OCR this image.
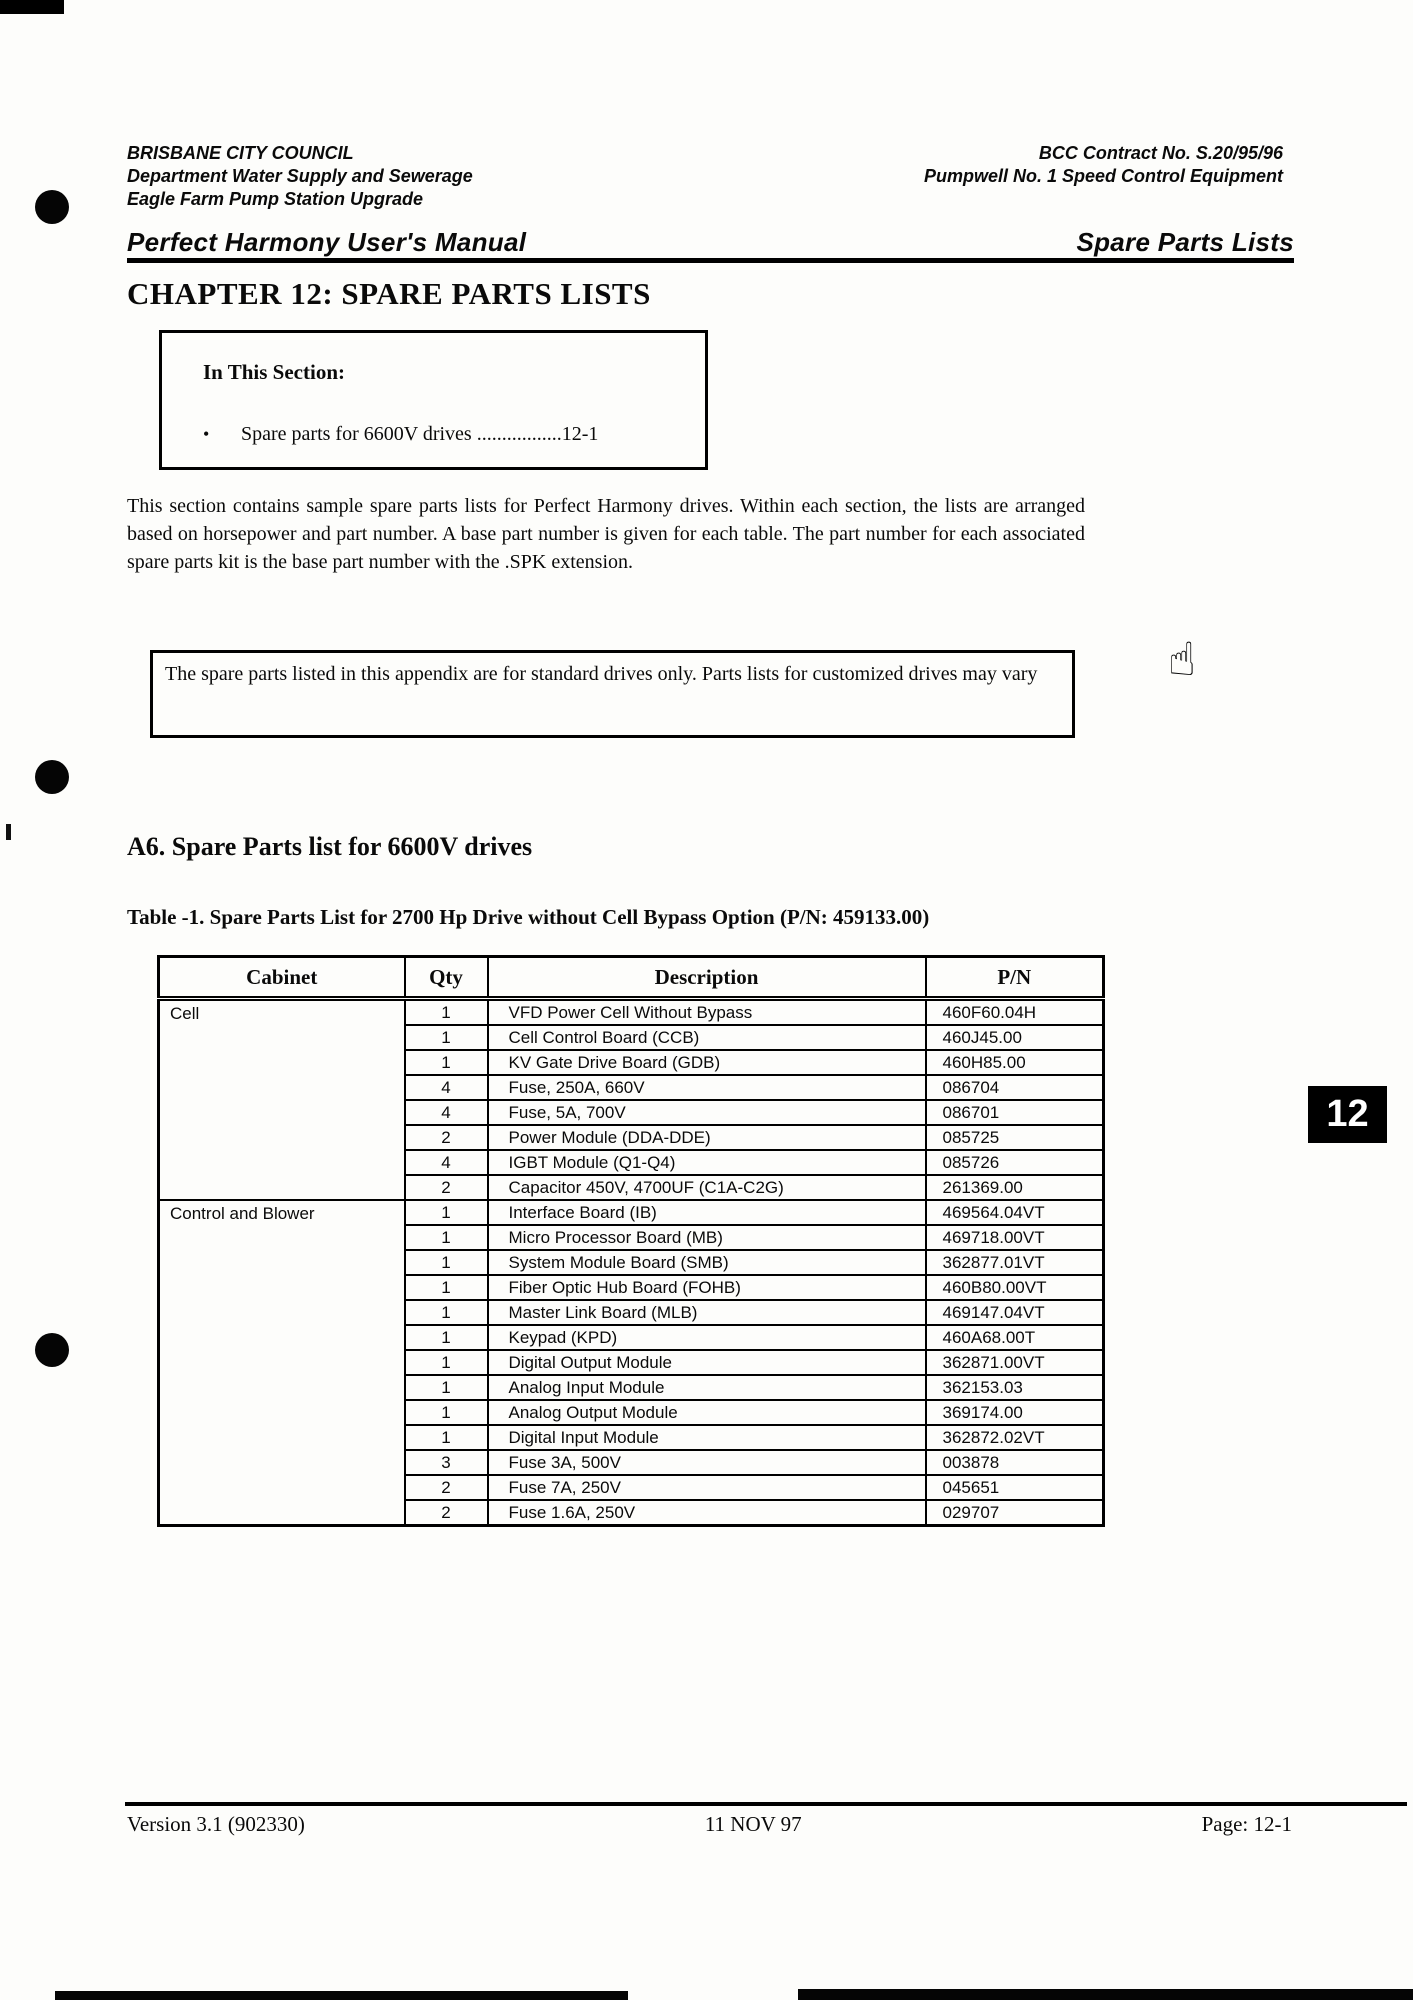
BRISBANE CITY COUNCIL
Department Water Supply and Sewerage
Eagle Farm Pump Station Upgrade
BCC Contract No. S.20/95/96
Pumpwell No. 1 Speed Control Equipment
Perfect Harmony User's Manual	Spare Parts Lists
CHAPTER 12: SPARE PARTS LISTS
In This Section:
• Spare parts for 6600V drives .................12-1
This section contains sample spare parts lists for Perfect Harmony drives. Within each section, the lists are arranged based on horsepower and part number. A base part number is given for each table. The part number for each associated spare parts kit is the base part number with the .SPK extension.
The spare parts listed in this appendix are for standard drives only. Parts lists for customized drives may vary	☝
A6. Spare Parts list for 6600V drives
Table -1. Spare Parts List for 2700 Hp Drive without Cell Bypass Option (P/N: 459133.00)
Cabinet	Qty	Description	P/N
Cell	1	VFD Power Cell Without Bypass	460F60.04H
	1	Cell Control Board (CCB)	460J45.00
	1	KV Gate Drive Board (GDB)	460H85.00
	4	Fuse, 250A, 660V	086704
	4	Fuse, 5A, 700V	086701
	2	Power Module (DDA-DDE)	085725
	4	IGBT Module (Q1-Q4)	085726
	2	Capacitor 450V, 4700UF (C1A-C2G)	261369.00
Control and Blower	1	Interface Board (IB)	469564.04VT
	1	Micro Processor Board (MB)	469718.00VT
	1	System Module Board (SMB)	362877.01VT
	1	Fiber Optic Hub Board (FOHB)	460B80.00VT
	1	Master Link Board (MLB)	469147.04VT
	1	Keypad (KPD)	460A68.00T
	1	Digital Output Module	362871.00VT
	1	Analog Input Module	362153.03
	1	Analog Output Module	369174.00
	1	Digital Input Module	362872.02VT
	3	Fuse 3A, 500V	003878
	2	Fuse 7A, 250V	045651
	2	Fuse 1.6A, 250V	029707
12
Version 3.1 (902330)	11 NOV 97	Page: 12-1
